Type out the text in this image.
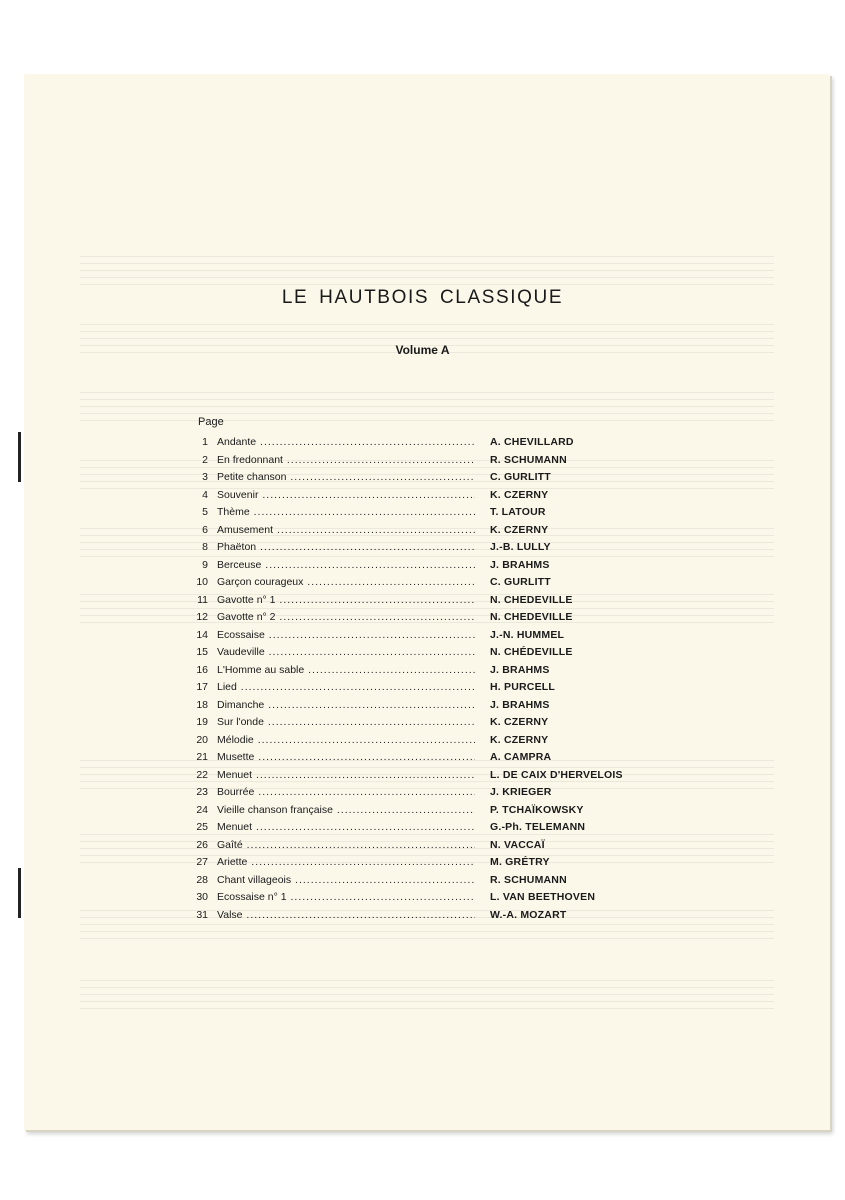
LE HAUTBOIS CLASSIQUE
Volume A
Page
1 Andante .....	A. CHEVILLARD
2 En fredonnant .....	R. SCHUMANN
3 Petite chanson .....	C. GURLITT
4 Souvenir .....	K. CZERNY
5 Thème .....	T. LATOUR
6 Amusement .....	K. CZERNY
8 Phaëton .....	J.-B. LULLY
9 Berceuse .....	J. BRAHMS
10 Garçon courageux .....	C. GURLITT
11 Gavotte n° 1 .....	N. CHEDEVILLE
12 Gavotte n° 2 .....	N. CHEDEVILLE
14 Ecossaise .....	J.-N. HUMMEL
15 Vaudeville .....	N. CHÉDEVILLE
16 L'Homme au sable .....	J. BRAHMS
17 Lied .....	H. PURCELL
18 Dimanche .....	J. BRAHMS
19 Sur l'onde .....	K. CZERNY
20 Mélodie .....	K. CZERNY
21 Musette .....	A. CAMPRA
22 Menuet .....	L. DE CAIX D'HERVELOIS
23 Bourrée .....	J. KRIEGER
24 Vieille chanson française .....	P. TCHAÏKOWSKY
25 Menuet .....	G.-Ph. TELEMANN
26 Gaîté .....	N. VACCAÏ
27 Ariette .....	M. GRÉTRY
28 Chant villageois .....	R. SCHUMANN
30 Ecossaise n° 1 .....	L. VAN BEETHOVEN
31 Valse .....	W.-A. MOZART
